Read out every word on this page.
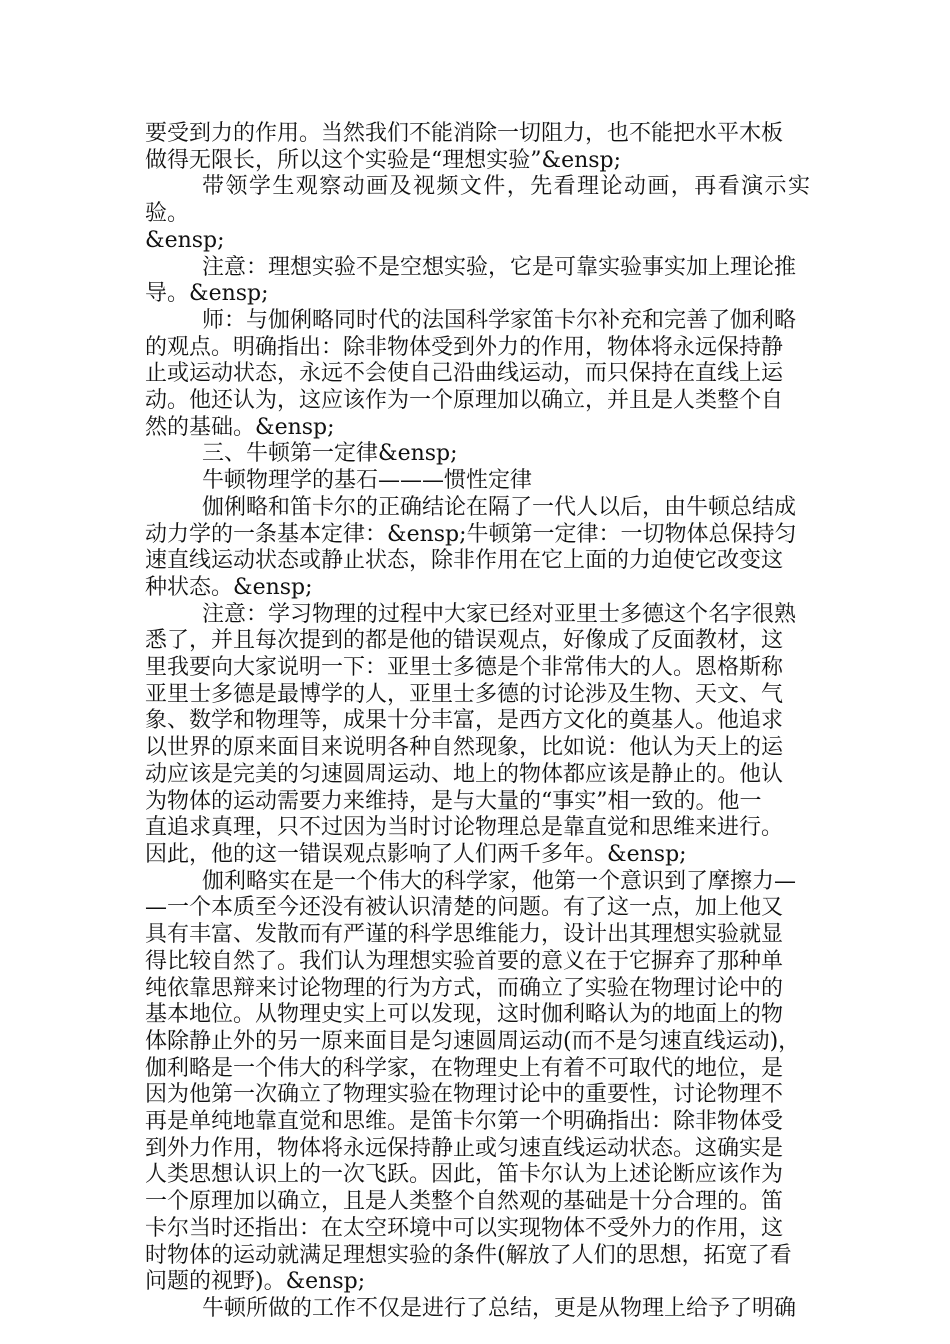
要受到力的作用。当然我们不能消除一切阻力，也不能把水平木板
做得无限长，所以这个实验是“理想实验”&ensp;

带领学生观察动画及视频文件，先看理论动画，再看演示实验。
&ensp;

注意：理想实验不是空想实验，它是可靠实验事实加上理论推
导。&ensp;

师：与伽俐略同时代的法国科学家笛卡尔补充和完善了伽利略
的观点。明确指出：除非物体受到外力的作用，物体将永远保持静
止或运动状态，永远不会使自己沿曲线运动，而只保持在直线上运
动。他还认为，这应该作为一个原理加以确立，并且是人类整个自
然的基础。&ensp;

三、牛顿第一定律&ensp;

牛顿物理学的基石———惯性定律

伽俐略和笛卡尔的正确结论在隔了一代人以后，由牛顿总结成
动力学的一条基本定律：&ensp;牛顿第一定律：一切物体总保持匀
速直线运动状态或静止状态，除非作用在它上面的力迫使它改变这
种状态。&ensp;

注意：学习物理的过程中大家已经对亚里士多德这个名字很熟
悉了，并且每次提到的都是他的错误观点，好像成了反面教材，这
里我要向大家说明一下：亚里士多德是个非常伟大的人。恩格斯称
亚里士多德是最博学的人，亚里士多德的讨论涉及生物、天文、气
象、数学和物理等，成果十分丰富，是西方文化的奠基人。他追求
以世界的原来面目来说明各种自然现象，比如说：他认为天上的运
动应该是完美的匀速圆周运动、地上的物体都应该是静止的。他认
为物体的运动需要力来维持，是与大量的“事实”相一致的。他一
直追求真理，只不过因为当时讨论物理总是靠直觉和思维来进行。
因此，他的这一错误观点影响了人们两千多年。&ensp;

伽利略实在是一个伟大的科学家，他第一个意识到了摩擦力—
—一个本质至今还没有被认识清楚的问题。有了这一点，加上他又
具有丰富、发散而有严谨的科学思维能力，设计出其理想实验就显
得比较自然了。我们认为理想实验首要的意义在于它摒弃了那种单
纯依靠思辩来讨论物理的行为方式，而确立了实验在物理讨论中的
基本地位。从物理史实上可以发现，这时伽利略认为的地面上的物
体除静止外的另一原来面目是匀速圆周运动(而不是匀速直线运动)，
伽利略是一个伟大的科学家，在物理史上有着不可取代的地位，是
因为他第一次确立了物理实验在物理讨论中的重要性，讨论物理不
再是单纯地靠直觉和思维。是笛卡尔第一个明确指出：除非物体受
到外力作用，物体将永远保持静止或匀速直线运动状态。这确实是
人类思想认识上的一次飞跃。因此，笛卡尔认为上述论断应该作为
一个原理加以确立，且是人类整个自然观的基础是十分合理的。笛
卡尔当时还指出：在太空环境中可以实现物体不受外力的作用，这
时物体的运动就满足理想实验的条件(解放了人们的思想，拓宽了看
问题的视野)。&ensp;

牛顿所做的工作不仅是进行了总结，更是从物理上给予了明确
